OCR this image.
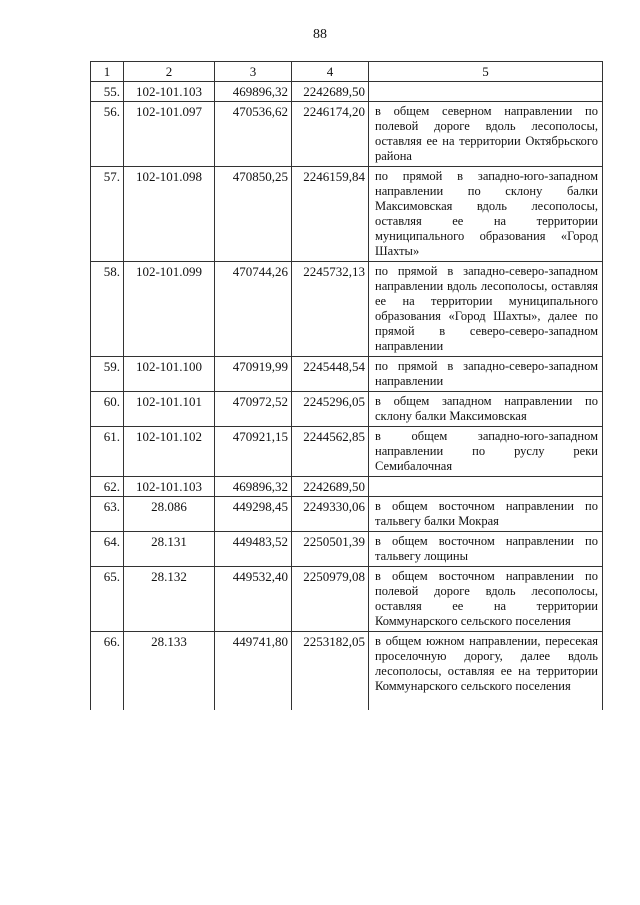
88
1	2	3	4	5
55.	102-101.103	469896,32	2242689,50	
56.	102-101.097	470536,62	2246174,20	в общем северном направлении по полевой дороге вдоль лесополосы, оставляя ее на территории Октябрьского района
57.	102-101.098	470850,25	2246159,84	по прямой в западно-юго-западном направлении по склону балки Максимовская вдоль лесополосы, оставляя ее на территории муниципального образования «Город Шахты»
58.	102-101.099	470744,26	2245732,13	по прямой в западно-северо-западном направлении вдоль лесополосы, оставляя ее на территории муниципального образования «Город Шахты», далее по прямой в северо-северо-западном направлении
59.	102-101.100	470919,99	2245448,54	по прямой в западно-северо-западном направлении
60.	102-101.101	470972,52	2245296,05	в общем западном направлении по склону балки Максимовская
61.	102-101.102	470921,15	2244562,85	в общем западно-юго-западном направлении по руслу реки Семибалочная
62.	102-101.103	469896,32	2242689,50	
63.	28.086	449298,45	2249330,06	в общем восточном направлении по тальвегу балки Мокрая
64.	28.131	449483,52	2250501,39	в общем восточном направлении по тальвегу лощины
65.	28.132	449532,40	2250979,08	в общем восточном направлении по полевой дороге вдоль лесополосы, оставляя ее на территории Коммунарского сельского поселения
66.	28.133	449741,80	2253182,05	в общем южном направлении, пересекая проселочную дорогу, далее вдоль лесополосы, оставляя ее на территории Коммунарского сельского поселения
